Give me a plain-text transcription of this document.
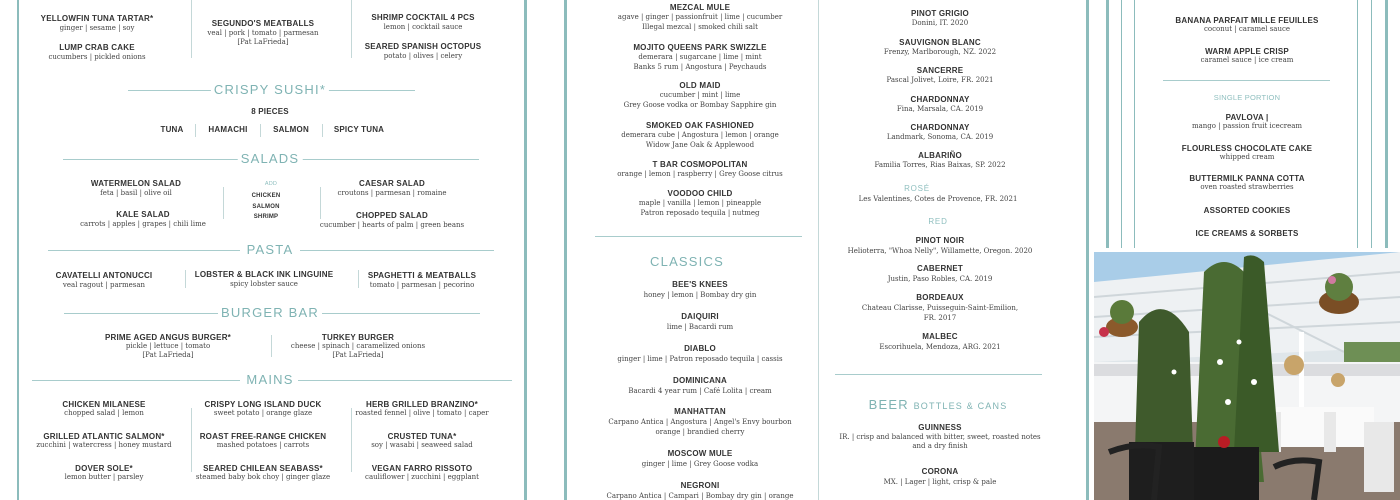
YELLOWFIN TUNA TARTAR*
ginger | sesame | soy
LUMP CRAB CAKE
cucumbers | pickled onions
SEGUNDO'S MEATBALLS
veal | pork | tomato | parmesan
[Pat LaFrieda]
SHRIMP COCKTAIL 4 PCS
lemon | cocktail sauce
SEARED SPANISH OCTOPUS
potato | olives | celery
CRISPY SUSHI*
8 PIECES
TUNA	HAMACHI	SALMON	SPICY TUNA
SALADS
WATERMELON SALAD
feta | basil | olive oil
KALE SALAD
carrots | apples | grapes | chili lime
CAESAR SALAD
croutons | parmesan | romaine
CHOPPED SALAD
cucumber | hearts of palm | green beans
ADD
CHICKEN
SALMON
SHRIMP
PASTA
CAVATELLI ANTONUCCI
veal ragout | parmesan
LOBSTER & BLACK INK LINGUINE
spicy lobster sauce
SPAGHETTI & MEATBALLS
tomato | parmesan | pecorino
BURGER BAR
PRIME AGED ANGUS BURGER*
pickle | lettuce | tomato
[Pat LaFrieda]
TURKEY BURGER
cheese | spinach | caramelized onions
[Pat LaFrieda]
MAINS
CHICKEN MILANESE
chopped salad | lemon
GRILLED ATLANTIC SALMON*
zucchini | watercress | honey mustard
DOVER SOLE*
lemon butter | parsley
CRISPY LONG ISLAND DUCK
sweet potato | orange glaze
ROAST FREE-RANGE CHICKEN
mashed potatoes | carrots
SEARED CHILEAN SEABASS*
steamed baby bok choy | ginger glaze
HERB GRILLED BRANZINO*
roasted fennel | olive | tomato | caper
CRUSTED TUNA*
soy | wasabi | seaweed salad
VEGAN FARRO RISSOTO
cauliflower | zucchini | eggplant
MEZCAL MULE
agave | ginger | passionfruit | lime | cucumber
Illegal mezcal | smoked chili salt
MOJITO QUEENS PARK SWIZZLE
demerara | sugarcane | lime | mint
Banks 5 rum | Angostura | Peychauds
OLD MAID
cucumber | mint | lime
Grey Goose vodka or Bombay Sapphire gin
SMOKED OAK FASHIONED
demerara cube | Angostura | lemon | orange
Widow Jane Oak & Applewood
T BAR COSMOPOLITAN
orange | lemon | raspberry | Grey Goose citrus
VOODOO CHILD
maple | vanilla | lemon | pineapple
Patron reposado tequila | nutmeg
CLASSICS
BEE'S KNEES
honey | lemon | Bombay dry gin
DAIQUIRI
lime | Bacardi rum
DIABLO
ginger | lime | Patron reposado tequila | cassis
DOMINICANA
Bacardi 4 year rum | Café Lolita | cream
MANHATTAN
Carpano Antica | Angostura | Angel's Envy bourbon
orange | brandied cherry
MOSCOW MULE
ginger | lime | Grey Goose vodka
NEGRONI
Carpano Antica | Campari | Bombay dry gin | orange
PINOT GRIGIO
Donini, IT. 2020
SAUVIGNON BLANC
Frenzy, Marlborough, NZ. 2022
SANCERRE
Pascal Jolivet, Loire, FR. 2021
CHARDONNAY
Fina, Marsala, CA. 2019
CHARDONNAY
Landmark, Sonoma, CA. 2019
ALBARIÑO
Familia Torres, Rias Baixas, SP. 2022
ROSÉ
Les Valentines, Cotes de Provence, FR. 2021
RED
PINOT NOIR
Helioterra, "Whoa Nelly", Willamette, Oregon. 2020
CABERNET
Justin, Paso Robles, CA. 2019
BORDEAUX
Chateau Clarisse, Puisseguin-Saint-Emilion,
FR. 2017
MALBEC
Escorihuela, Mendoza, ARG. 2021
BEER BOTTLES & CANS
GUINNESS
IR. | crisp and balanced with bitter, sweet, roasted notes
and a dry finish
CORONA
MX. | Lager | light, crisp & pale
BANANA PARFAIT MILLE FEUILLES
coconut | caramel sauce
WARM APPLE CRISP
caramel sauce | ice cream
SINGLE PORTION
PAVLOVA |
mango | passion fruit icecream
FLOURLESS CHOCOLATE CAKE
whipped cream
BUTTERMILK PANNA COTTA
oven roasted strawberries
ASSORTED COOKIES
ICE CREAMS & SORBETS
